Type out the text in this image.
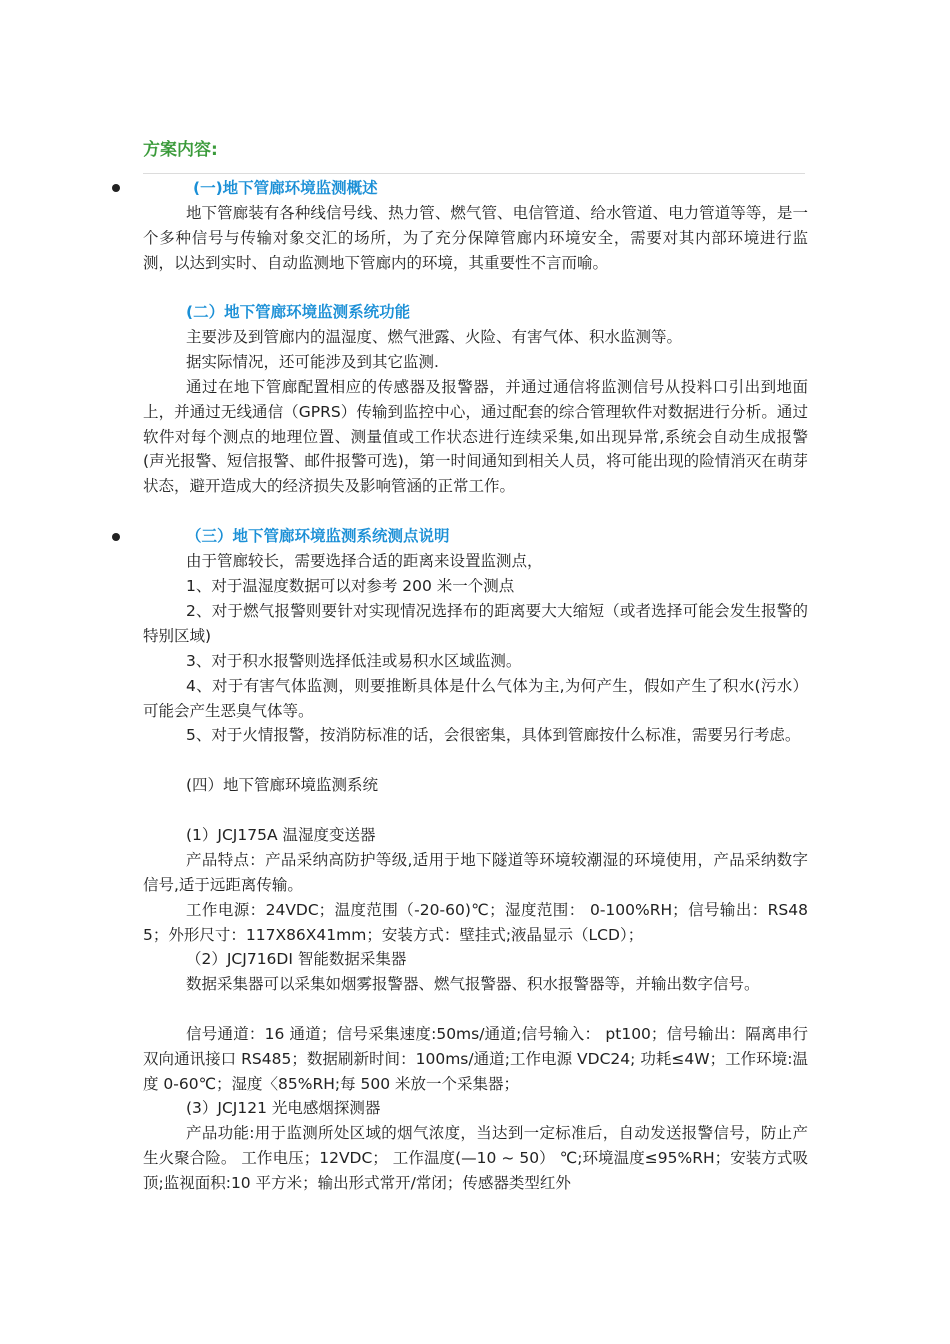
方案内容:
(一)地下管廊环境监测概述
地下管廊装有各种线信号线、热力管、燃气管、电信管道、给水管道、电力管道等等，是一个多种信号与传输对象交汇的场所，为了充分保障管廊内环境安全，需要对其内部环境进行监测，以达到实时、自动监测地下管廊内的环境，其重要性不言而喻。
(二）地下管廊环境监测系统功能
主要涉及到管廊内的温湿度、燃气泄露、火险、有害气体、积水监测等。
据实际情况，还可能涉及到其它监测.
通过在地下管廊配置相应的传感器及报警器，并通过通信将监测信号从投料口引出到地面上，并通过无线通信（GPRS）传输到监控中心，通过配套的综合管理软件对数据进行分析。通过软件对每个测点的地理位置、测量值或工作状态进行连续采集,如出现异常,系统会自动生成报警(声光报警、短信报警、邮件报警可选)，第一时间通知到相关人员，将可能出现的险情消灭在萌芽状态，避开造成大的经济损失及影响管涵的正常工作。
（三）地下管廊环境监测系统测点说明
由于管廊较长，需要选择合适的距离来设置监测点，
1、对于温湿度数据可以对参考 200 米一个测点
2、对于燃气报警则要针对实现情况选择布的距离要大大缩短（或者选择可能会发生报警的特别区域)
3、对于积水报警则选择低洼或易积水区域监测。
4、对于有害气体监测，则要推断具体是什么气体为主,为何产生，假如产生了积水(污水）可能会产生恶臭气体等。
5、对于火情报警，按消防标准的话，会很密集，具体到管廊按什么标准，需要另行考虑。
(四）地下管廊环境监测系统
(1）JCJ175A 温湿度变送器
产品特点：产品采纳高防护等级,适用于地下隧道等环境较潮湿的环境使用，产品采纳数字信号,适于远距离传输。
工作电源：24VDC；温度范围（-20-60)℃；湿度范围： 0-100%RH；信号输出：RS485；外形尺寸：117X86X41mm；安装方式：壁挂式;液晶显示（LCD）；
（2）JCJ716DI 智能数据采集器
数据采集器可以采集如烟雾报警器、燃气报警器、积水报警器等，并输出数字信号。
信号通道：16 通道；信号采集速度:50ms/通道;信号输入： pt100；信号输出：隔离串行双向通讯接口 RS485；数据刷新时间：100ms/通道;工作电源 VDC24; 功耗≤4W；工作环境:温度 0-60℃；湿度〈85%RH;每 500 米放一个采集器；
(3）JCJ121 光电感烟探测器
产品功能:用于监测所处区域的烟气浓度，当达到一定标准后，自动发送报警信号，防止产生火聚合险。 工作电压；12VDC； 工作温度(—10 ~ 50） ℃;环境温度≤95%RH；安装方式吸顶;监视面积:10 平方米；输出形式常开/常闭；传感器类型红外
